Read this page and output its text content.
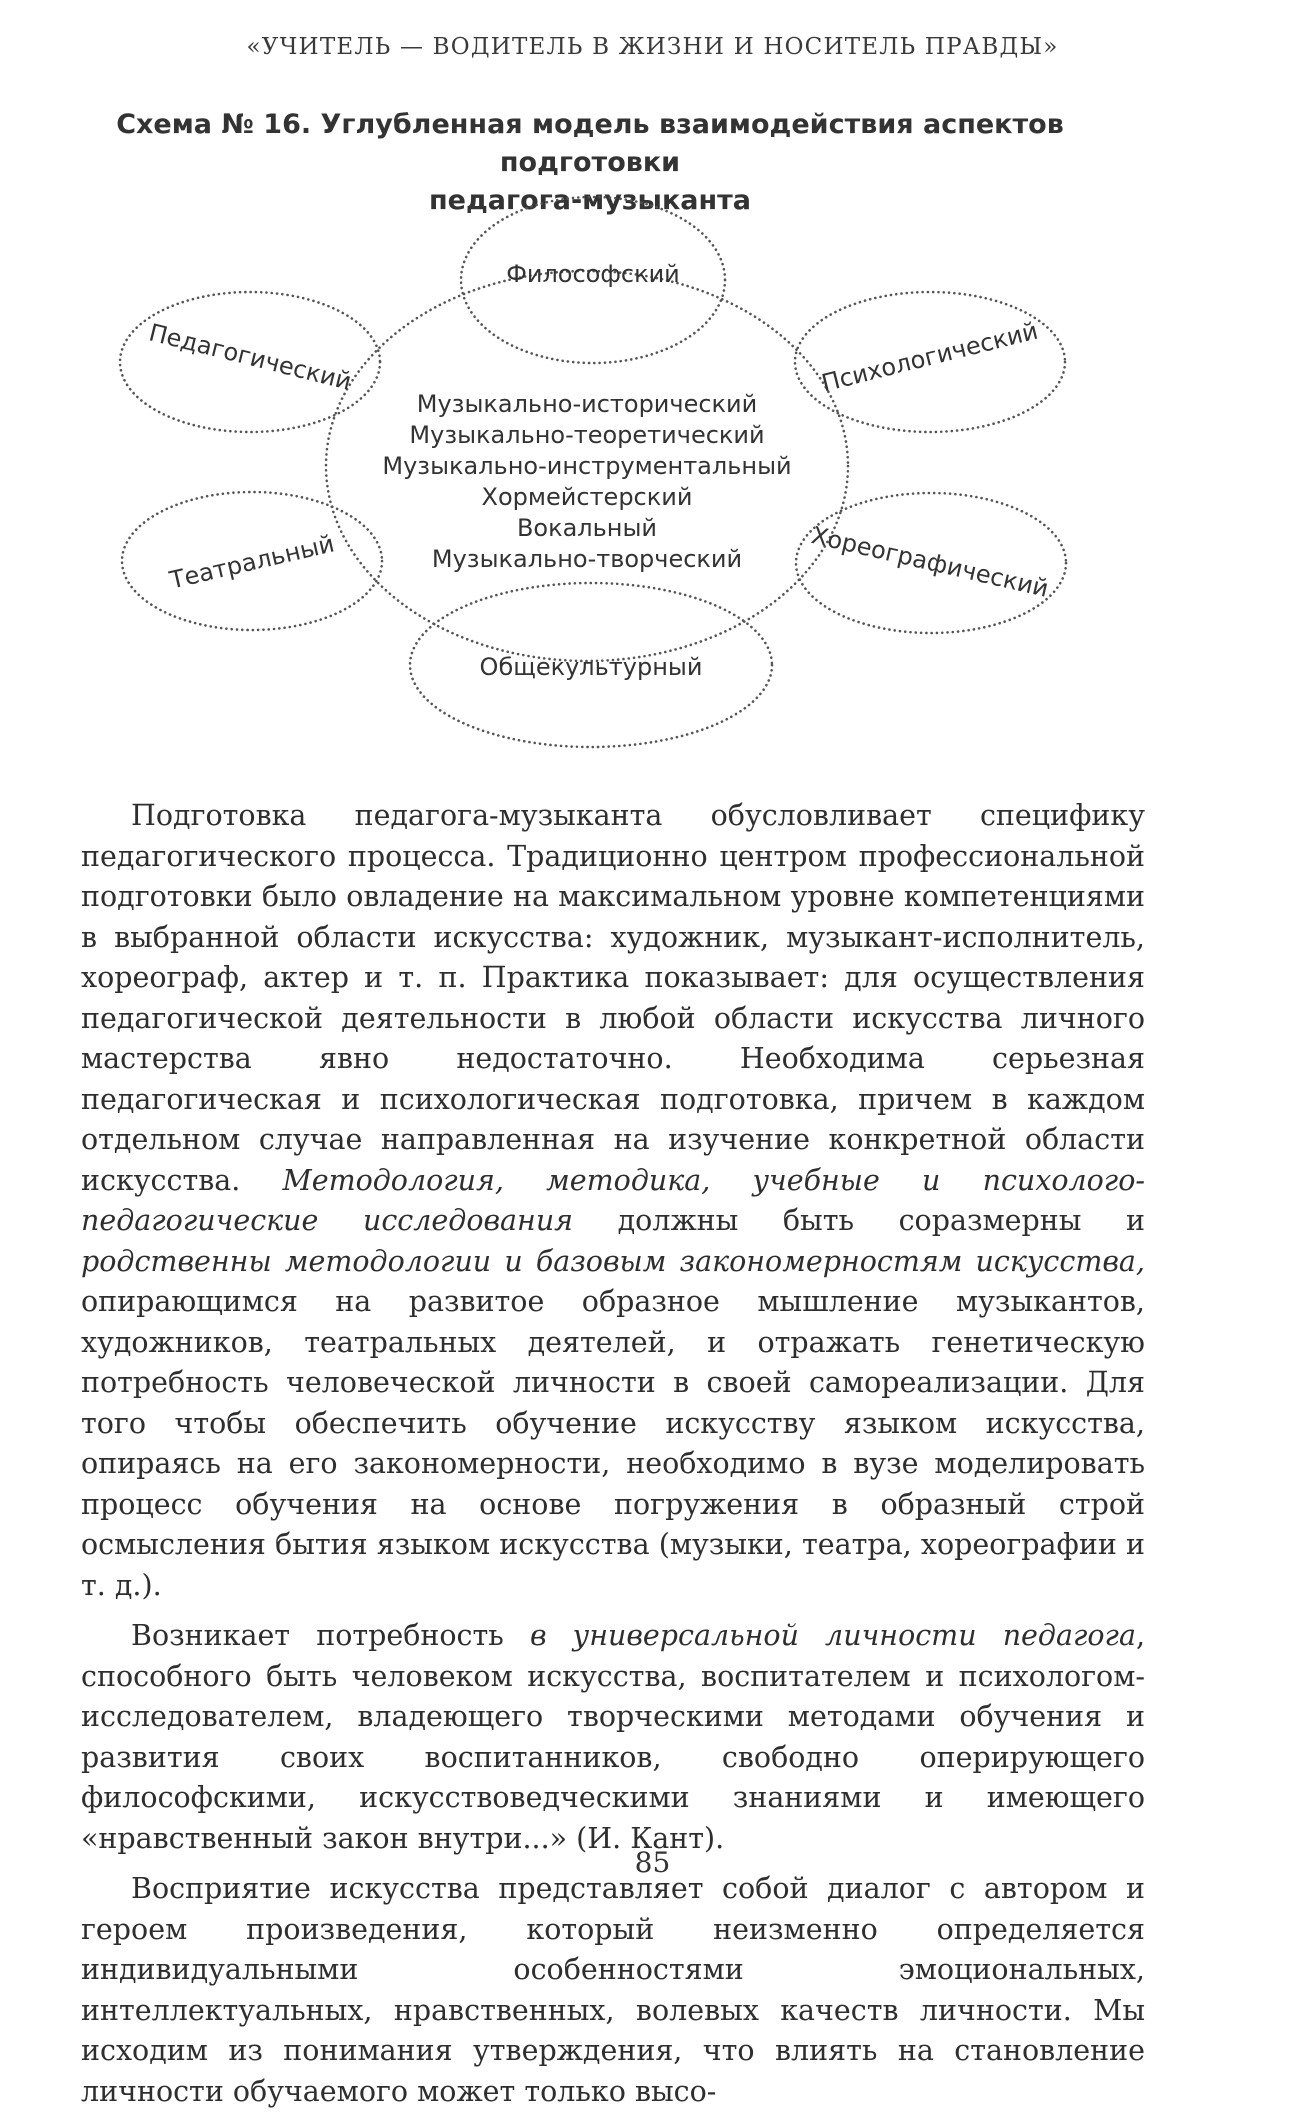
«УЧИТЕЛЬ — ВОДИТЕЛЬ В ЖИЗНИ И НОСИТЕЛЬ ПРАВДЫ»
Схема № 16. Углубленная модель взаимодействия аспектов подготовки
педагога-музыканта
Философский
Педагогический	Психологический
Театральный	Хореографический
Общекультурный
Музыкально-исторический
Музыкально-теоретический
Музыкально-инструментальный
Хормейстерский
Вокальный
Музыкально-творческий

Подготовка педагога-музыканта обусловливает специфику педагогического процесса. Традиционно центром профессиональной подготовки было овладение на максимальном уровне компетенциями в выбранной области искусства: художник, музыкант-исполнитель, хореограф, актер и т. п. Практика показывает: для осуществления педагогической деятельности в любой области искусства личного мастерства явно недостаточно. Необходима серьезная педагогическая и психологическая подготовка, причем в каждом отдельном случае направленная на изучение конкретной области искусства. Методология, методика, учебные и психолого-педагогические исследования должны быть соразмерны и родственны методологии и базовым закономерностям искусства, опирающимся на развитое образное мышление музыкантов, художников, театральных деятелей, и отражать генетическую потребность человеческой личности в своей самореализации. Для того чтобы обеспечить обучение искусству языком искусства, опираясь на его закономерности, необходимо в вузе моделировать процесс обучения на основе погружения в образный строй осмысления бытия языком искусства (музыки, театра, хореографии и т. д.).

Возникает потребность в универсальной личности педагога, способного быть человеком искусства, воспитателем и психологом-исследователем, владеющего творческими методами обучения и развития своих воспитанников, свободно оперирующего философскими, искусствоведческими знаниями и имеющего «нравственный закон внутри...» (И. Кант).

Восприятие искусства представляет собой диалог с автором и героем произведения, который неизменно определяется индивидуальными особенностями эмоциональных, интеллектуальных, нравственных, волевых качеств личности. Мы исходим из понимания утверждения, что влиять на становление личности обучаемого может только высо-

85
